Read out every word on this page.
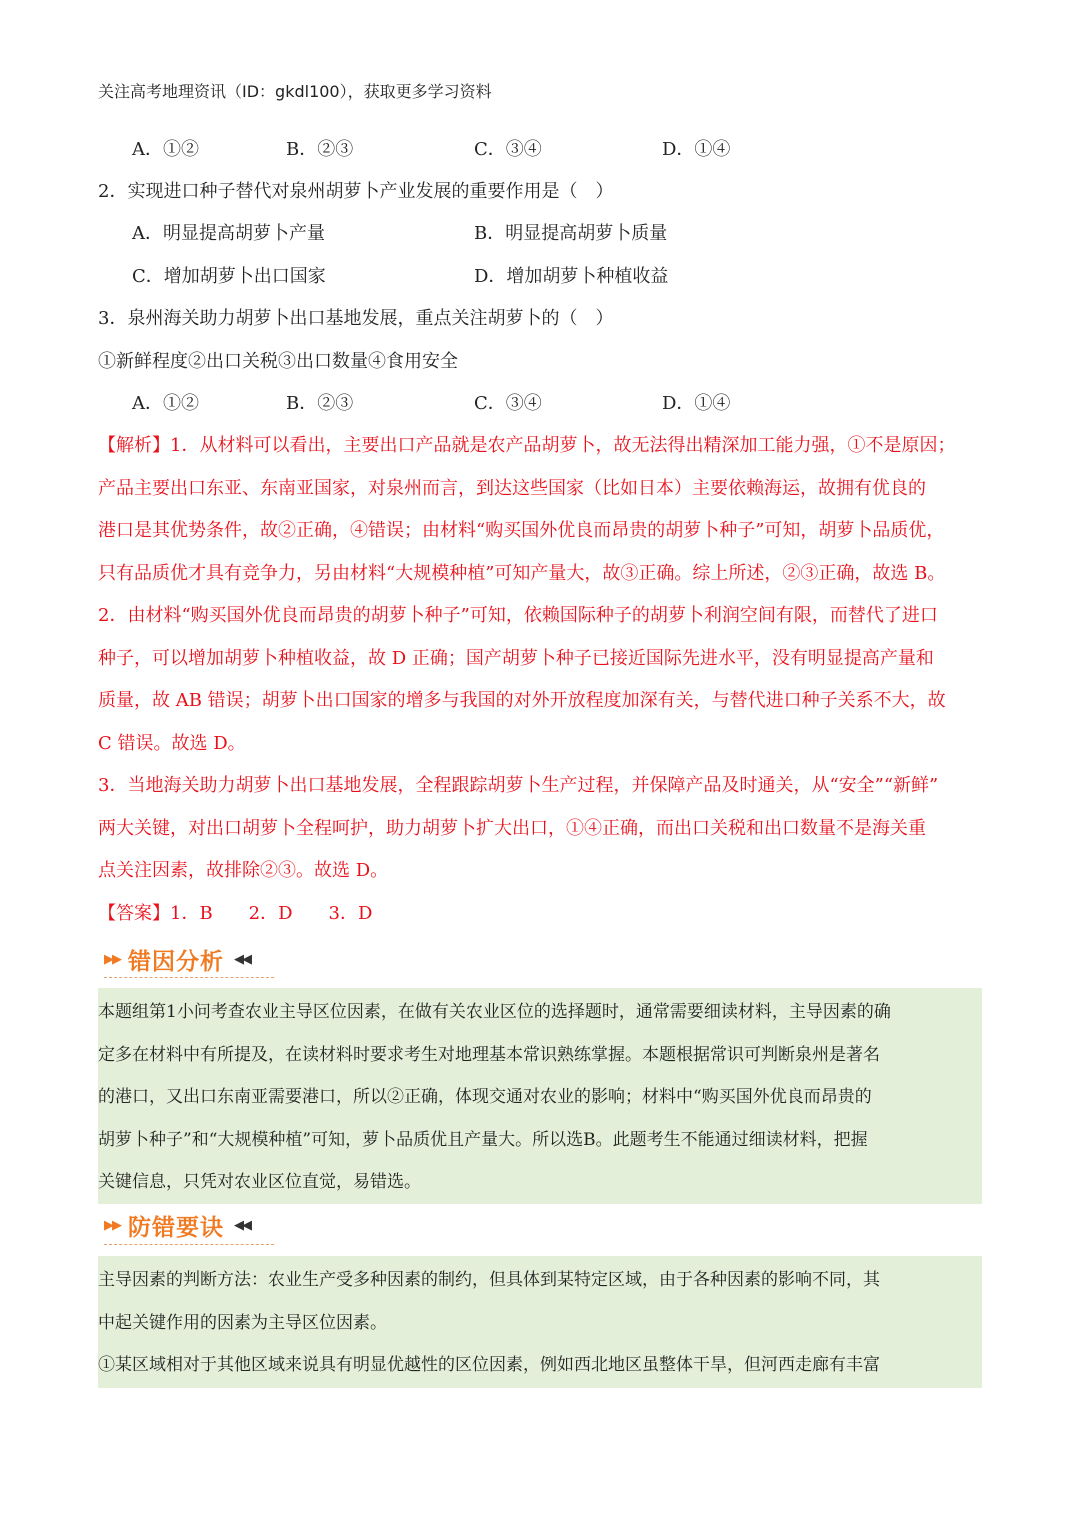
关注高考地理资讯（ID：gkdl100），获取更多学习资料
A．①②	B．②③	C．③④	D．①④
2．实现进口种子替代对泉州胡萝卜产业发展的重要作用是（　）
A．明显提高胡萝卜产量	B．明显提高胡萝卜质量
C．增加胡萝卜出口国家	D．增加胡萝卜种植收益
3．泉州海关助力胡萝卜出口基地发展，重点关注胡萝卜的（　）
①新鲜程度②出口关税③出口数量④食用安全
A．①②	B．②③	C．③④	D．①④
【解析】1．从材料可以看出，主要出口产品就是农产品胡萝卜，故无法得出精深加工能力强，①不是原因；
产品主要出口东亚、东南亚国家，对泉州而言，到达这些国家（比如日本）主要依赖海运，故拥有优良的
港口是其优势条件，故②正确，④错误；由材料“购买国外优良而昂贵的胡萝卜种子”可知，胡萝卜品质优，
只有品质优才具有竞争力，另由材料“大规模种植”可知产量大，故③正确。综上所述，②③正确，故选 B。
2．由材料“购买国外优良而昂贵的胡萝卜种子”可知，依赖国际种子的胡萝卜利润空间有限，而替代了进口
种子，可以增加胡萝卜种植收益，故 D 正确；国产胡萝卜种子已接近国际先进水平，没有明显提高产量和
质量，故 AB 错误；胡萝卜出口国家的增多与我国的对外开放程度加深有关，与替代进口种子关系不大，故
C 错误。故选 D。
3．当地海关助力胡萝卜出口基地发展，全程跟踪胡萝卜生产过程，并保障产品及时通关，从“安全”“新鲜”
两大关键，对出口胡萝卜全程呵护，助力胡萝卜扩大出口，①④正确，而出口关税和出口数量不是海关重
点关注因素，故排除②③。故选 D。
【答案】1．B　　2．D　　3．D
▶▶ 错因分析 ◀◀
本题组第1小问考查农业主导区位因素，在做有关农业区位的选择题时，通常需要细读材料，主导因素的确
定多在材料中有所提及，在读材料时要求考生对地理基本常识熟练掌握。本题根据常识可判断泉州是著名
的港口，又出口东南亚需要港口，所以②正确，体现交通对农业的影响；材料中“购买国外优良而昂贵的
胡萝卜种子”和“大规模种植”可知，萝卜品质优且产量大。所以选B。此题考生不能通过细读材料，把握
关键信息，只凭对农业区位直觉，易错选。
▶▶ 防错要诀 ◀◀
主导因素的判断方法：农业生产受多种因素的制约，但具体到某特定区域，由于各种因素的影响不同，其
中起关键作用的因素为主导区位因素。
①某区域相对于其他区域来说具有明显优越性的区位因素，例如西北地区虽整体干旱，但河西走廊有丰富
